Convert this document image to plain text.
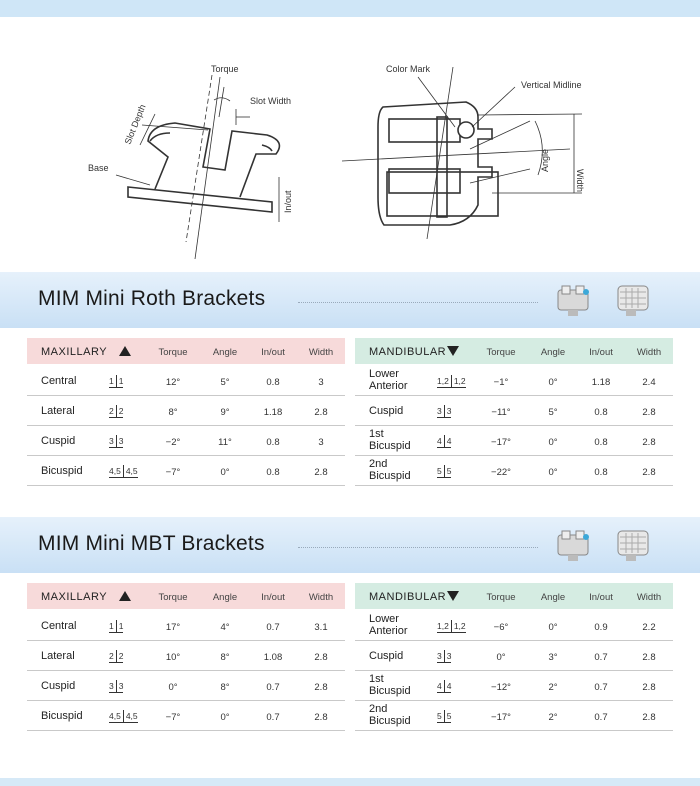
Torque
Slot Width
Slot Depth
Base
In/out
Color Mark
Vertical Midline
Angle
Width
MIM Mini Roth Brackets
MIM Mini MBT Brackets
MAXILLARY	Torque	Angle	In/out	Width
Central	1 1	12°	5°	0.8	3
Lateral	2 2	8°	9°	1.18	2.8
Cuspid	3 3	−2°	11°	0.8	3
Bicuspid	4,5 4,5	−7°	0°	0.8	2.8
MANDIBULAR	Torque	Angle	In/out	Width
Lower
Anterior	1,2 1,2	−1°	0°	1.18	2.4
Cuspid	3 3	−11°	5°	0.8	2.8
1st
Bicuspid	4 4	−17°	0°	0.8	2.8
2nd
Bicuspid	5 5	−22°	0°	0.8	2.8
MAXILLARY	Torque	Angle	In/out	Width
Central	1 1	17°	4°	0.7	3.1
Lateral	2 2	10°	8°	1.08	2.8
Cuspid	3 3	0°	8°	0.7	2.8
Bicuspid	4,5 4,5	−7°	0°	0.7	2.8
MANDIBULAR	Torque	Angle	In/out	Width
Lower
Anterior	1,2 1,2	−6°	0°	0.9	2.2
Cuspid	3 3	0°	3°	0.7	2.8
1st
Bicuspid	4 4	−12°	2°	0.7	2.8
2nd
Bicuspid	5 5	−17°	2°	0.7	2.8
